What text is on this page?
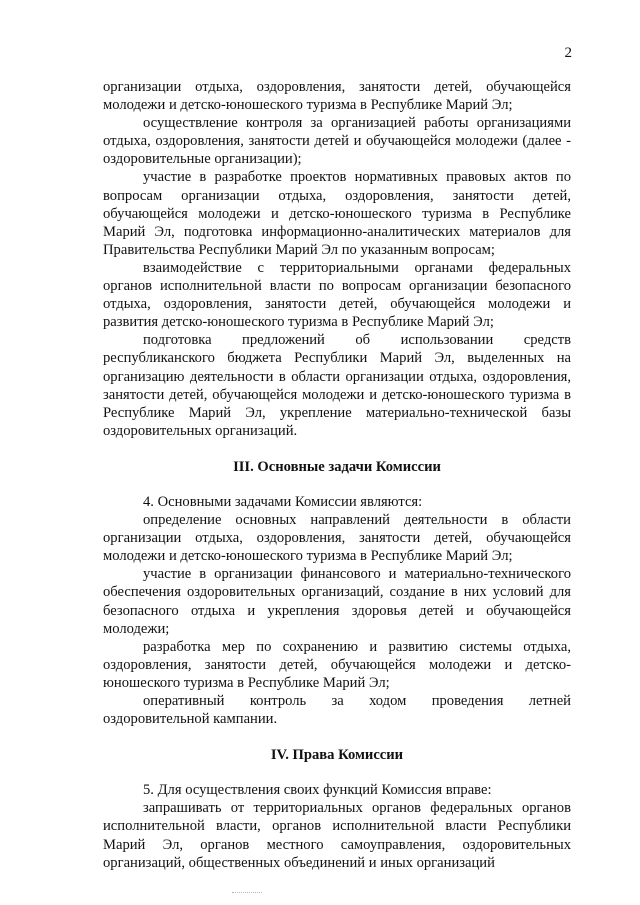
2

организации отдыха, оздоровления, занятости детей, обучающейся молодежи и детско-юношеского туризма в Республике Марий Эл;

осуществление контроля за организацией работы организациями отдыха, оздоровления, занятости детей и обучающейся молодежи (далее - оздоровительные организации);

участие в разработке проектов нормативных правовых актов по вопросам организации отдыха, оздоровления, занятости детей, обучающейся молодежи и детско-юношеского туризма в Республике Марий Эл, подготовка информационно-аналитических материалов для Правительства Республики Марий Эл по указанным вопросам;

взаимодействие с территориальными органами федеральных органов исполнительной власти по вопросам организации безопасного отдыха, оздоровления, занятости детей, обучающейся молодежи и развития детско-юношеского туризма в Республике Марий Эл;

подготовка предложений об использовании средств республиканского бюджета Республики Марий Эл, выделенных на организацию деятельности в области организации отдыха, оздоровления, занятости детей, обучающейся молодежи и детско-юношеского туризма в Республике Марий Эл, укрепление материально-технической базы оздоровительных организаций.

III. Основные задачи Комиссии

4. Основными задачами Комиссии являются:

определение основных направлений деятельности в области организации отдыха, оздоровления, занятости детей, обучающейся молодежи и детско-юношеского туризма в Республике Марий Эл;

участие в организации финансового и материально-технического обеспечения оздоровительных организаций, создание в них условий для безопасного отдыха и укрепления здоровья детей и обучающейся молодежи;

разработка мер по сохранению и развитию системы отдыха, оздоровления, занятости детей, обучающейся молодежи и детско-юношеского туризма в Республике Марий Эл;

оперативный контроль за ходом проведения летней оздоровительной кампании.

IV. Права Комиссии

5. Для осуществления своих функций Комиссия вправе:

запрашивать от территориальных органов федеральных органов исполнительной власти, органов исполнительной власти Республики Марий Эл, органов местного самоуправления, оздоровительных организаций, общественных объединений и иных организаций
